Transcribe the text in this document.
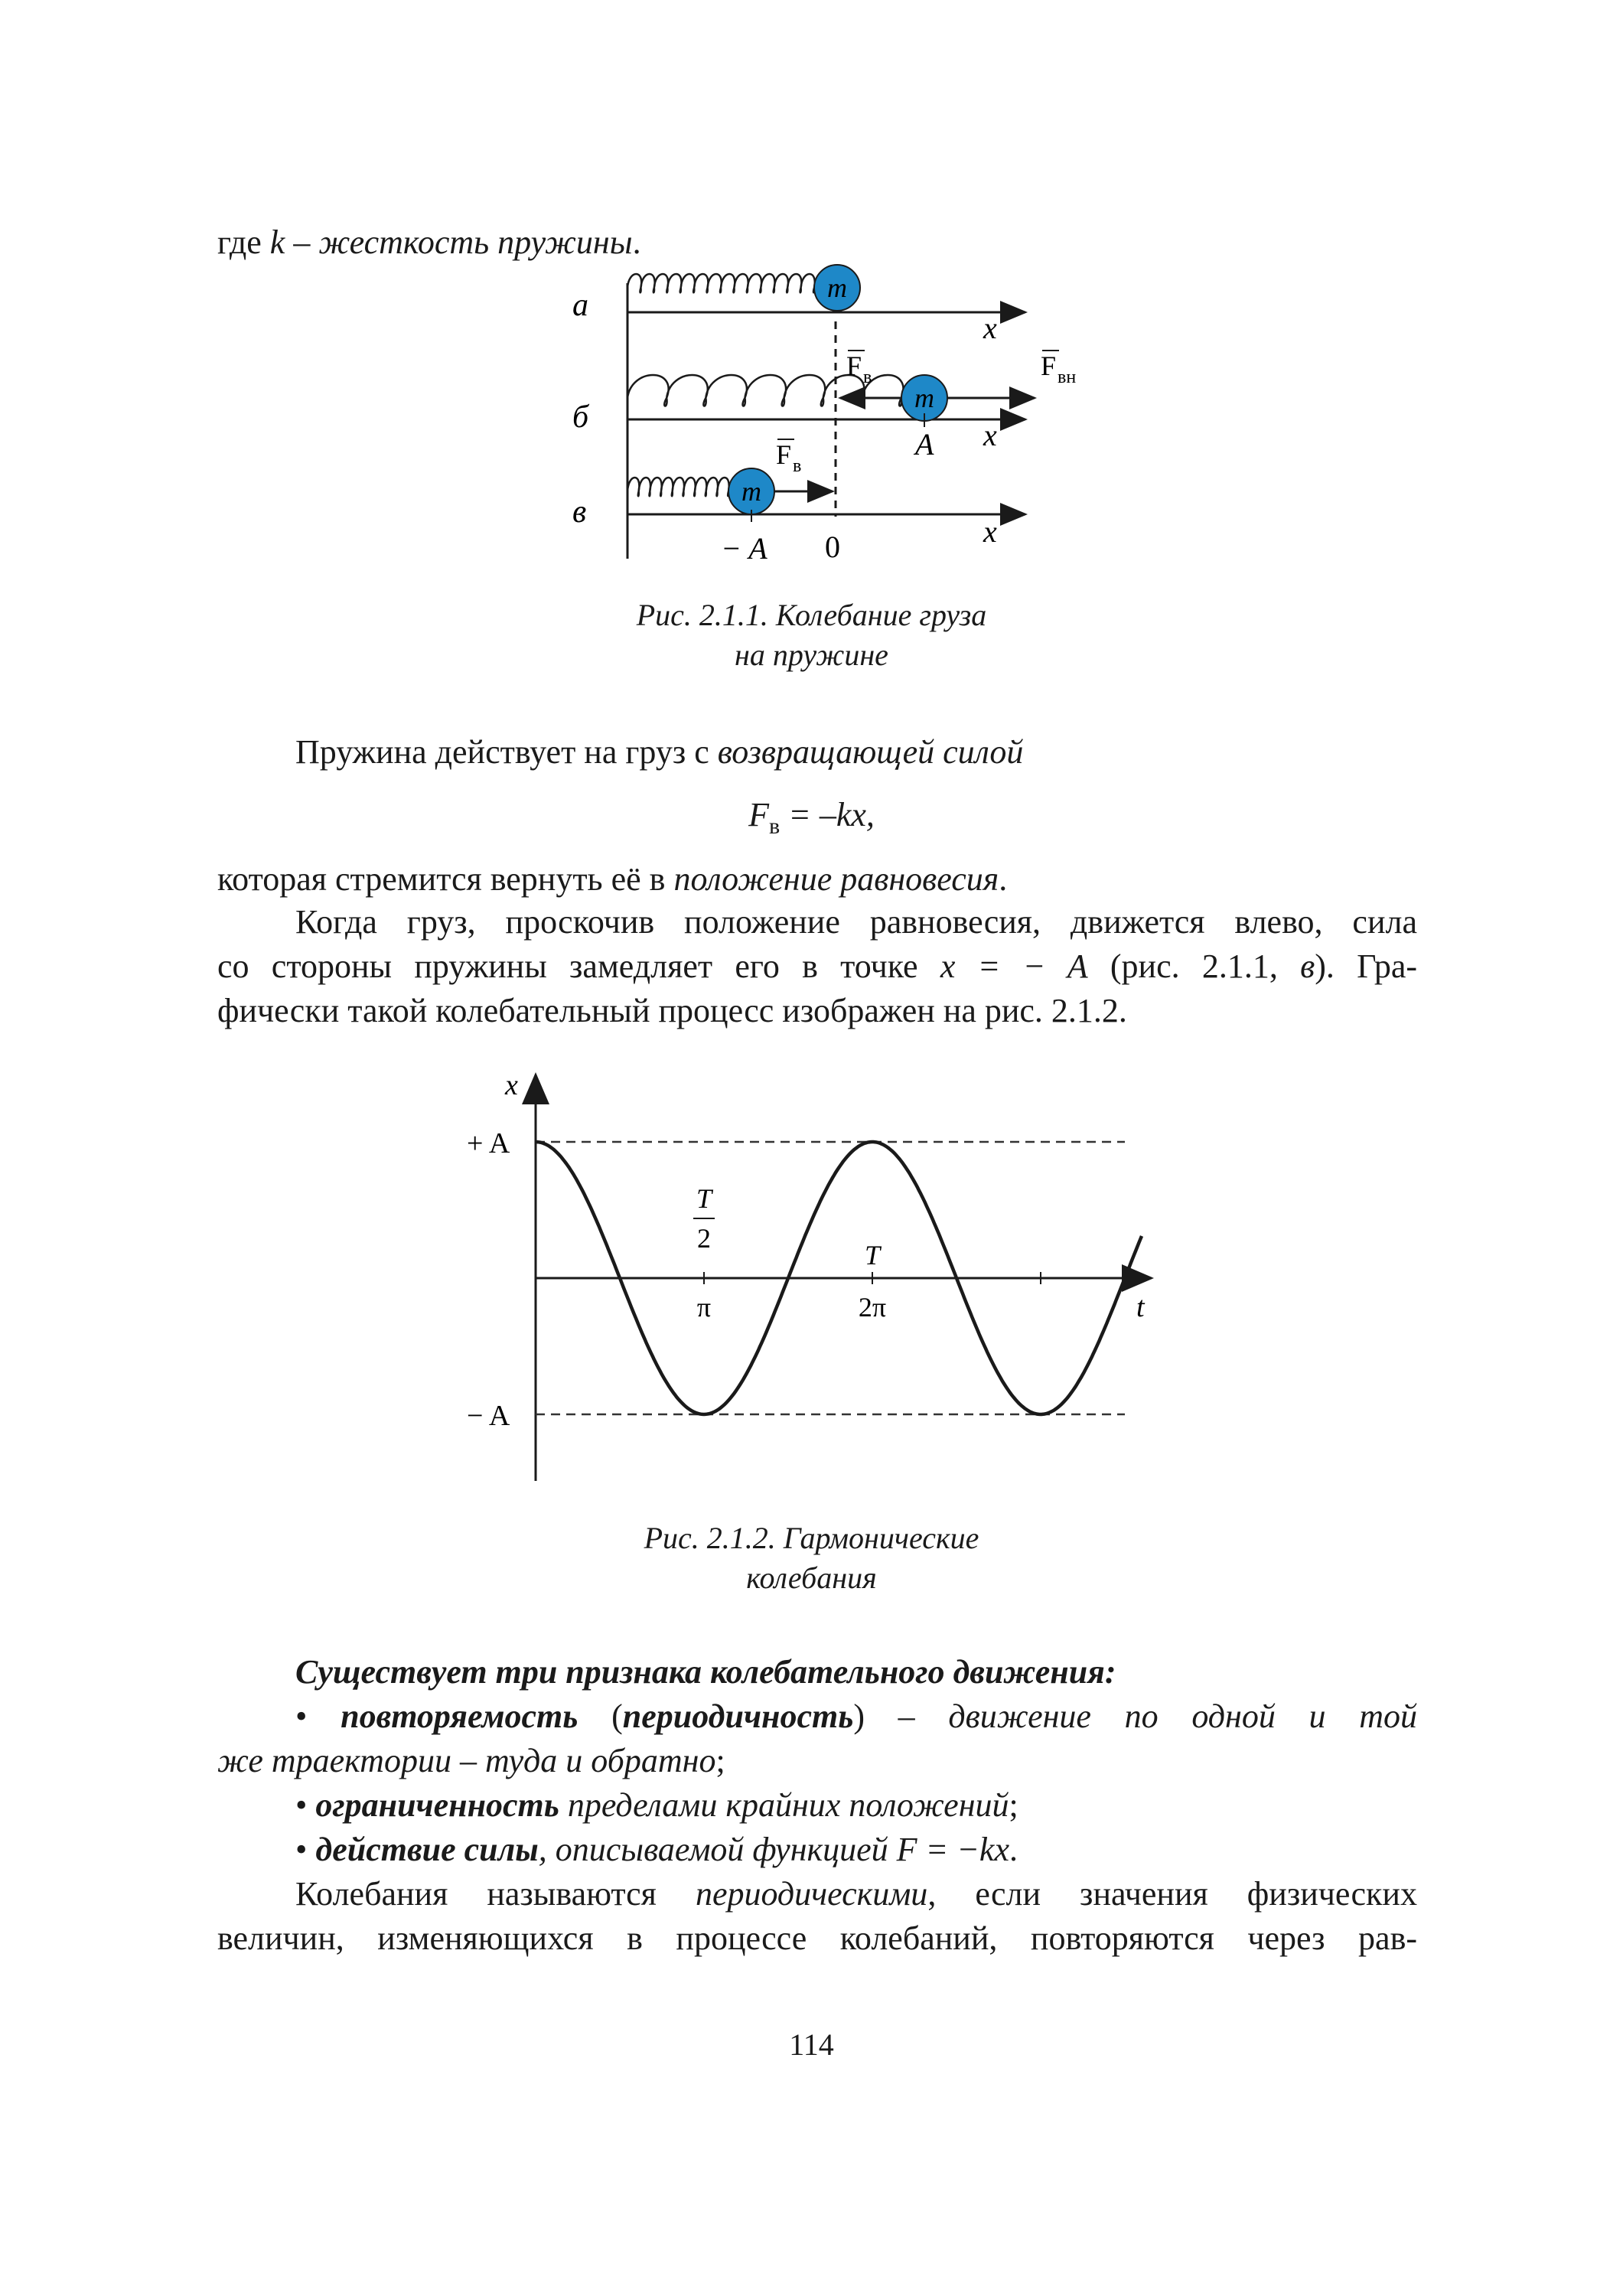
где k – жесткость пружины.
а
б
в
x
x
x
0
m
m
m
F в	F вн
A
F в
− A
Рис. 2.1.1. Колебание груза
на пружине
Пружина действует на груз с возвращающей силой
$F_в = -kx$,
которая стремится вернуть её в положение равновесия.
Когда груз, проскочив положение равновесия, движется влево, сила
со стороны пружины замедляет его в точке x = − A (рис. 2.1.1, в). Гра-
фически такой колебательный процесс изображен на рис. 2.1.2.
x
t
+ A
− A
T
2
π
T
2π
Рис. 2.1.2. Гармонические
колебания
Существует три признака колебательного движения:
• повторяемость (периодичность) – движение по одной и той
же траектории – туда и обратно;
• ограниченность пределами крайних положений;
• действие силы, описываемой функцией F = −kx.
Колебания называются периодическими, если значения физических
величин, изменяющихся в процессе колебаний, повторяются через рав-
114
